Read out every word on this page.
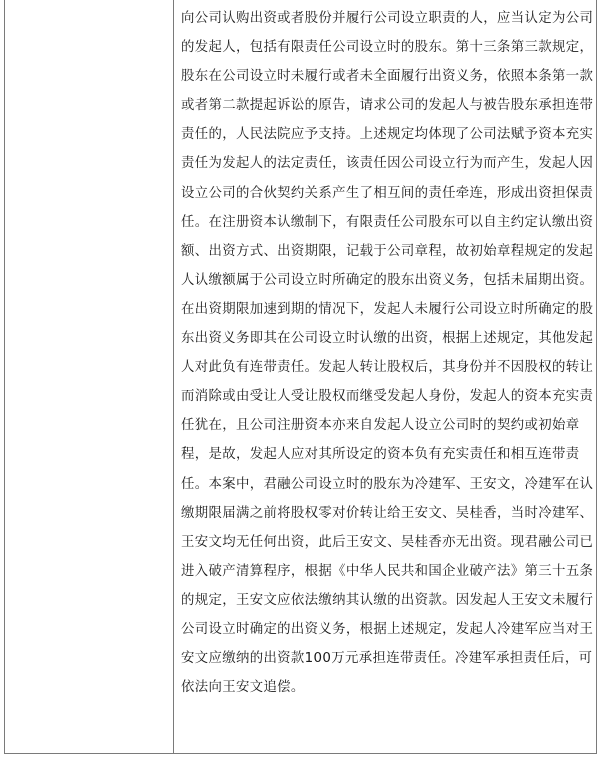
向公司认购出资或者股份并履行公司设立职责的人，应当认定为公司
的发起人，包括有限责任公司设立时的股东。第十三条第三款规定，
股东在公司设立时未履行或者未全面履行出资义务，依照本条第一款
或者第二款提起诉讼的原告，请求公司的发起人与被告股东承担连带
责任的，人民法院应予支持。上述规定均体现了公司法赋予资本充实
责任为发起人的法定责任，该责任因公司设立行为而产生，发起人因
设立公司的合伙契约关系产生了相互间的责任牵连，形成出资担保责
任。在注册资本认缴制下，有限责任公司股东可以自主约定认缴出资
额、出资方式、出资期限，记载于公司章程，故初始章程规定的发起
人认缴额属于公司设立时所确定的股东出资义务，包括未届期出资。
在出资期限加速到期的情况下，发起人未履行公司设立时所确定的股
东出资义务即其在公司设立时认缴的出资，根据上述规定，其他发起
人对此负有连带责任。发起人转让股权后，其身份并不因股权的转让
而消除或由受让人受让股权而继受发起人身份，发起人的资本充实责
任犹在，且公司注册资本亦来自发起人设立公司时的契约或初始章
程，是故，发起人应对其所设定的资本负有充实责任和相互连带责
任。本案中，君融公司设立时的股东为冷建军、王安文，冷建军在认
缴期限届满之前将股权零对价转让给王安文、吴桂香，当时冷建军、
王安文均无任何出资，此后王安文、吴桂香亦无出资。现君融公司已
进入破产清算程序，根据《中华人民共和国企业破产法》第三十五条
的规定，王安文应依法缴纳其认缴的出资款。因发起人王安文未履行
公司设立时确定的出资义务，根据上述规定，发起人冷建军应当对王
安文应缴纳的出资款100万元承担连带责任。冷建军承担责任后，可
依法向王安文追偿。
